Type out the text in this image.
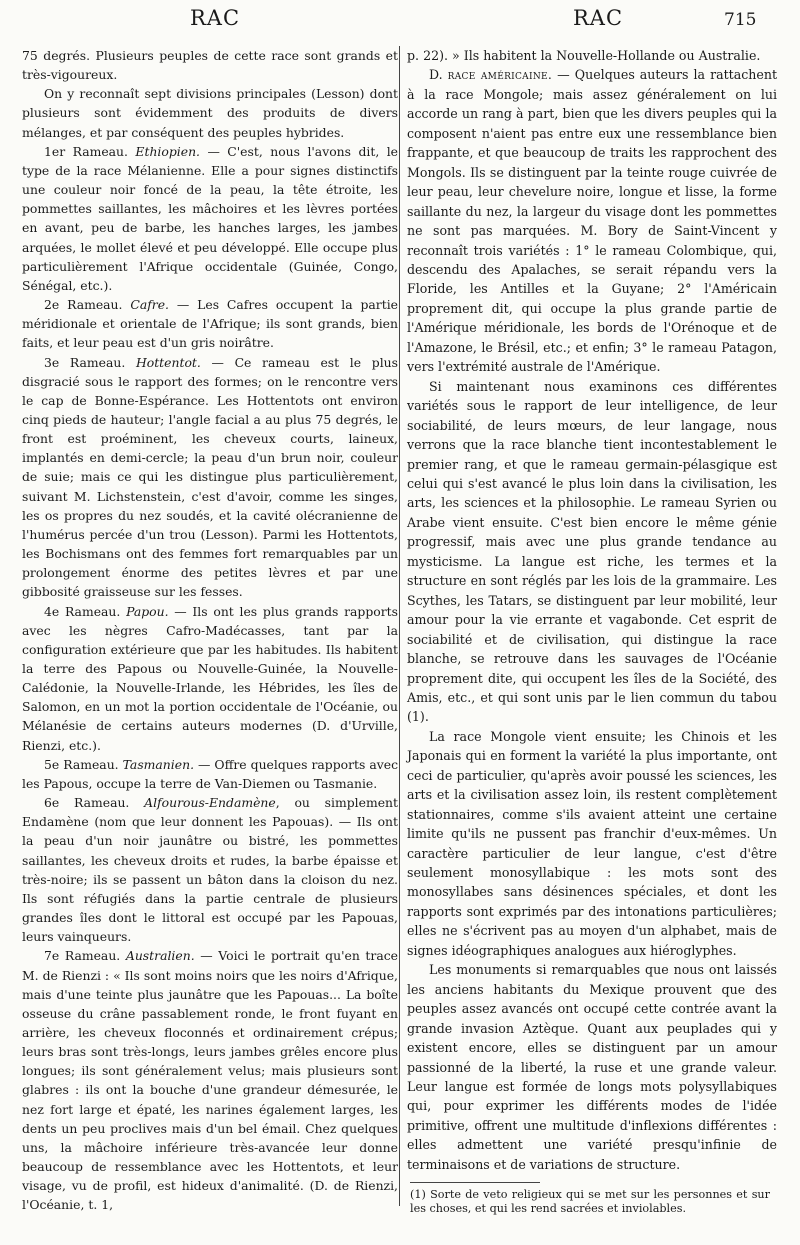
RAC	RAC	715

75 degrés. Plusieurs peuples de cette race sont grands et très-vigoureux.

On y reconnaît sept divisions principales (Lesson) dont plusieurs sont évidemment des produits de divers mélanges, et par conséquent des peuples hybrides.

1er Rameau. Ethiopien. — C'est, nous l'avons dit, le type de la race Mélanienne. Elle a pour signes distinctifs une couleur noir foncé de la peau, la tête étroite, les pommettes saillantes, les mâchoires et les lèvres portées en avant, peu de barbe, les hanches larges, les jambes arquées, le mollet élevé et peu développé. Elle occupe plus particulièrement l'Afrique occidentale (Guinée, Congo, Sénégal, etc.).

2e Rameau. Cafre. — Les Cafres occupent la partie méridionale et orientale de l'Afrique; ils sont grands, bien faits, et leur peau est d'un gris noirâtre.

3e Rameau. Hottentot. — Ce rameau est le plus disgracié sous le rapport des formes; on le rencontre vers le cap de Bonne-Espérance. Les Hottentots ont environ cinq pieds de hauteur; l'angle facial a au plus 75 degrés, le front est proéminent, les cheveux courts, laineux, implantés en demi-cercle; la peau d'un brun noir, couleur de suie; mais ce qui les distingue plus particulièrement, suivant M. Lichstenstein, c'est d'avoir, comme les singes, les os propres du nez soudés, et la cavité olécranienne de l'humérus percée d'un trou (Lesson). Parmi les Hottentots, les Bochismans ont des femmes fort remarquables par un prolongement énorme des petites lèvres et par une gibbosité graisseuse sur les fesses.

4e Rameau. Papou. — Ils ont les plus grands rapports avec les nègres Cafro-Madécasses, tant par la configuration extérieure que par les habitudes. Ils habitent la terre des Papous ou Nouvelle-Guinée, la Nouvelle-Calédonie, la Nouvelle-Irlande, les Hébrides, les îles de Salomon, en un mot la portion occidentale de l'Océanie, ou Mélanésie de certains auteurs modernes (D. d'Urville, Rienzi, etc.).

5e Rameau. Tasmanien. — Offre quelques rapports avec les Papous, occupe la terre de Van-Diemen ou Tasmanie.

6e Rameau. Alfourous-Endamène, ou simplement Endamène (nom que leur donnent les Papouas). — Ils ont la peau d'un noir jaunâtre ou bistré, les pommettes saillantes, les cheveux droits et rudes, la barbe épaisse et très-noire; ils se passent un bâton dans la cloison du nez. Ils sont réfugiés dans la partie centrale de plusieurs grandes îles dont le littoral est occupé par les Papouas, leurs vainqueurs.

7e Rameau. Australien. — Voici le portrait qu'en trace M. de Rienzi : « Ils sont moins noirs que les noirs d'Afrique, mais d'une teinte plus jaunâtre que les Papouas... La boîte osseuse du crâne passablement ronde, le front fuyant en arrière, les cheveux floconnés et ordinairement crépus; leurs bras sont très-longs, leurs jambes grêles encore plus longues; ils sont généralement velus; mais plusieurs sont glabres : ils ont la bouche d'une grandeur démesurée, le nez fort large et épaté, les narines également larges, les dents un peu proclives mais d'un bel émail. Chez quelques uns, la mâchoire inférieure très-avancée leur donne beaucoup de ressemblance avec les Hottentots, et leur visage, vu de profil, est hideux d'animalité. (D. de Rienzi, l'Océanie, t. 1,

p. 22). » Ils habitent la Nouvelle-Hollande ou Australie.

D. race américaine. — Quelques auteurs la rattachent à la race Mongole; mais assez généralement on lui accorde un rang à part, bien que les divers peuples qui la composent n'aient pas entre eux une ressemblance bien frappante, et que beaucoup de traits les rapprochent des Mongols. Ils se distinguent par la teinte rouge cuivrée de leur peau, leur chevelure noire, longue et lisse, la forme saillante du nez, la largeur du visage dont les pommettes ne sont pas marquées. M. Bory de Saint-Vincent y reconnaît trois variétés : 1° le rameau Colombique, qui, descendu des Apalaches, se serait répandu vers la Floride, les Antilles et la Guyane; 2° l'Américain proprement dit, qui occupe la plus grande partie de l'Amérique méridionale, les bords de l'Orénoque et de l'Amazone, le Brésil, etc.; et enfin; 3° le rameau Patagon, vers l'extrémité australe de l'Amérique.

Si maintenant nous examinons ces différentes variétés sous le rapport de leur intelligence, de leur sociabilité, de leurs mœurs, de leur langage, nous verrons que la race blanche tient incontestablement le premier rang, et que le rameau germain-pélasgique est celui qui s'est avancé le plus loin dans la civilisation, les arts, les sciences et la philosophie. Le rameau Syrien ou Arabe vient ensuite. C'est bien encore le même génie progressif, mais avec une plus grande tendance au mysticisme. La langue est riche, les termes et la structure en sont réglés par les lois de la grammaire. Les Scythes, les Tatars, se distinguent par leur mobilité, leur amour pour la vie errante et vagabonde. Cet esprit de sociabilité et de civilisation, qui distingue la race blanche, se retrouve dans les sauvages de l'Océanie proprement dite, qui occupent les îles de la Société, des Amis, etc., et qui sont unis par le lien commun du tabou (1).

La race Mongole vient ensuite; les Chinois et les Japonais qui en forment la variété la plus importante, ont ceci de particulier, qu'après avoir poussé les sciences, les arts et la civilisation assez loin, ils restent complètement stationnaires, comme s'ils avaient atteint une certaine limite qu'ils ne pussent pas franchir d'eux-mêmes. Un caractère particulier de leur langue, c'est d'être seulement monosyllabique : les mots sont des monosyllabes sans désinences spéciales, et dont les rapports sont exprimés par des intonations particulières; elles ne s'écrivent pas au moyen d'un alphabet, mais de signes idéographiques analogues aux hiéroglyphes.

Les monuments si remarquables que nous ont laissés les anciens habitants du Mexique prouvent que des peuples assez avancés ont occupé cette contrée avant la grande invasion Aztèque. Quant aux peuplades qui y existent encore, elles se distinguent par un amour passionné de la liberté, la ruse et une grande valeur. Leur langue est formée de longs mots polysyllabiques qui, pour exprimer les différents modes de l'idée primitive, offrent une multitude d'inflexions différentes : elles admettent une variété presqu'infinie de terminaisons et de variations de structure.

(1) Sorte de veto religieux qui se met sur les personnes et sur les choses, et qui les rend sacrées et inviolables.
